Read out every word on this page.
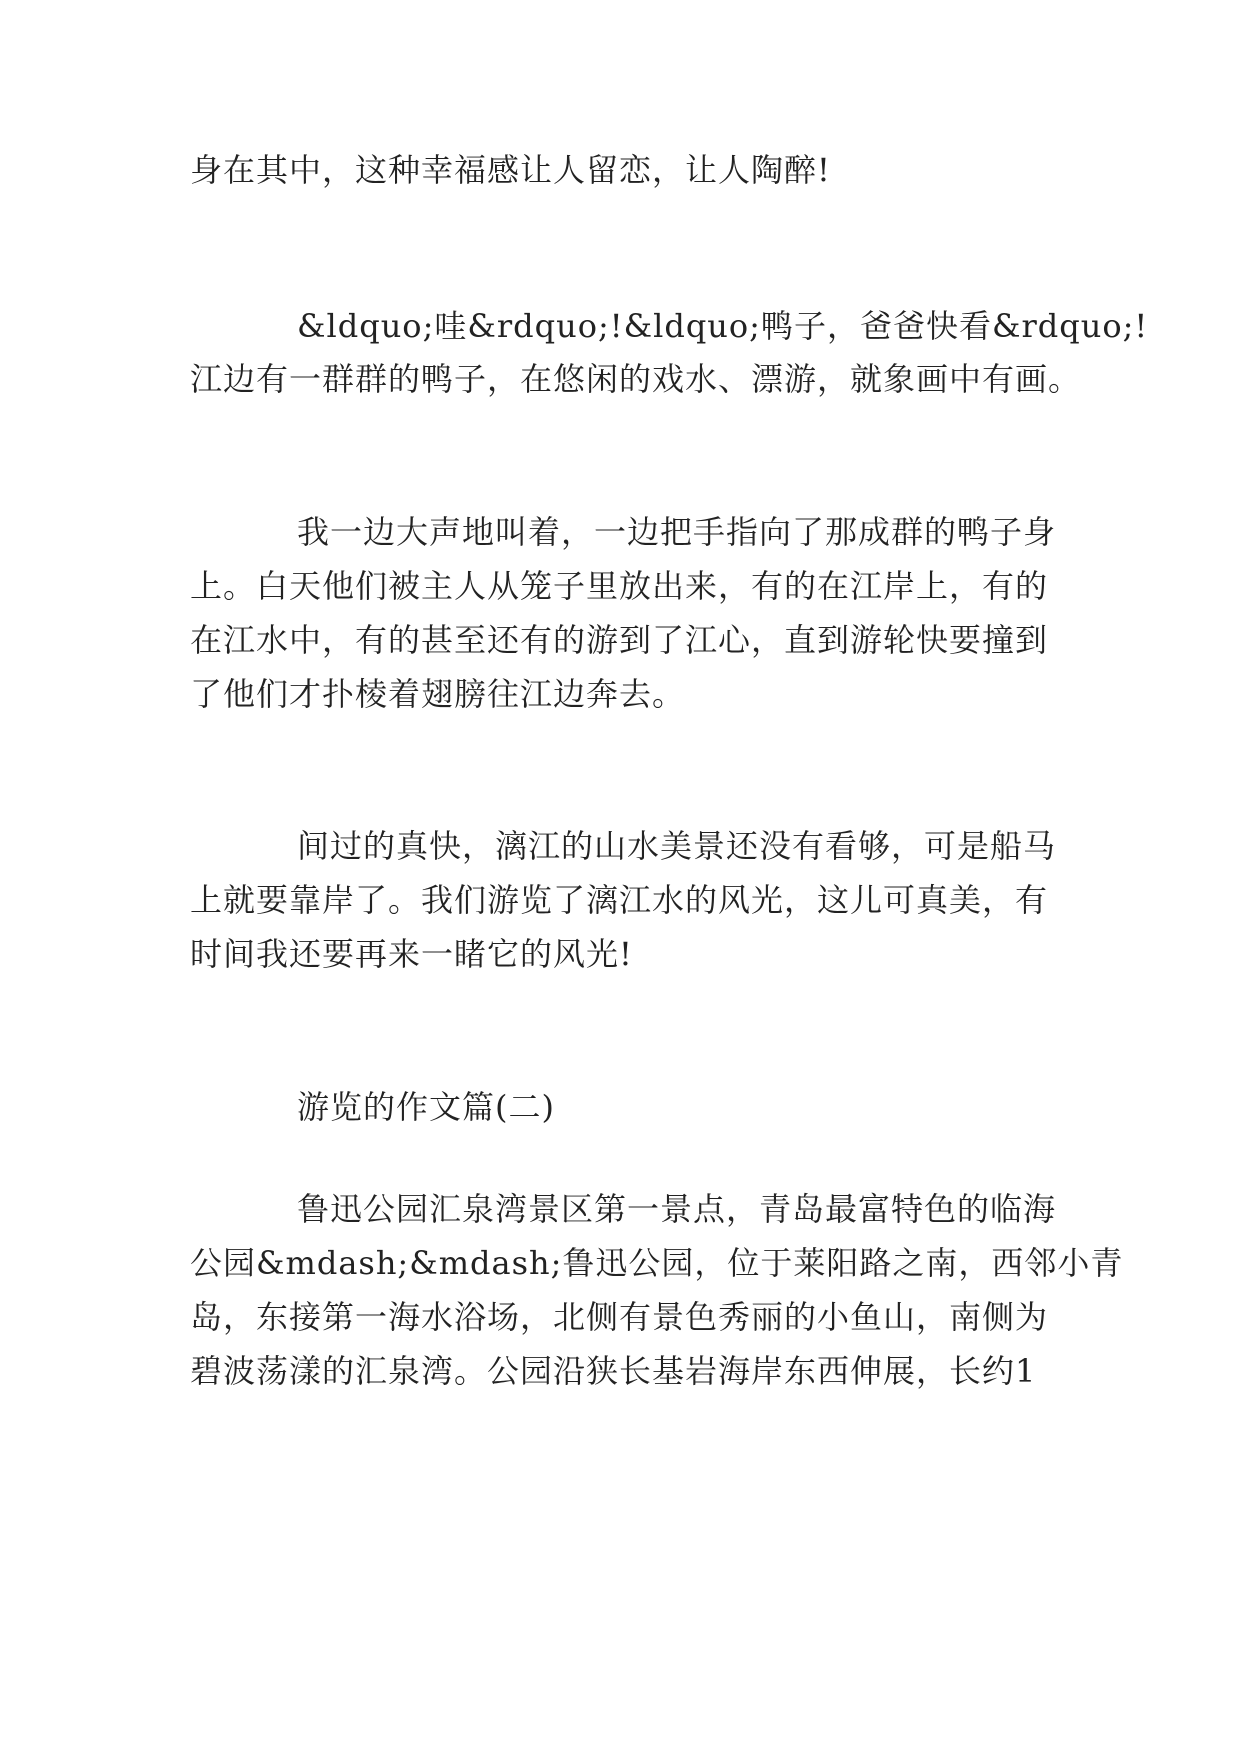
身在其中，这种幸福感让人留恋，让人陶醉!
&ldquo;哇&rdquo;!&ldquo;鸭子，爸爸快看&rdquo;!
江边有一群群的鸭子，在悠闲的戏水、漂游，就象画中有画。
我一边大声地叫着，一边把手指向了那成群的鸭子身
上。白天他们被主人从笼子里放出来，有的在江岸上，有的
在江水中，有的甚至还有的游到了江心，直到游轮快要撞到
了他们才扑棱着翅膀往江边奔去。
间过的真快，漓江的山水美景还没有看够，可是船马
上就要靠岸了。我们游览了漓江水的风光，这儿可真美，有
时间我还要再来一睹它的风光!
游览的作文篇(二)
鲁迅公园汇泉湾景区第一景点，青岛最富特色的临海
公园&mdash;&mdash;鲁迅公园，位于莱阳路之南，西邻小青
岛，东接第一海水浴场，北侧有景色秀丽的小鱼山，南侧为
碧波荡漾的汇泉湾。公园沿狭长基岩海岸东西伸展，长约1
